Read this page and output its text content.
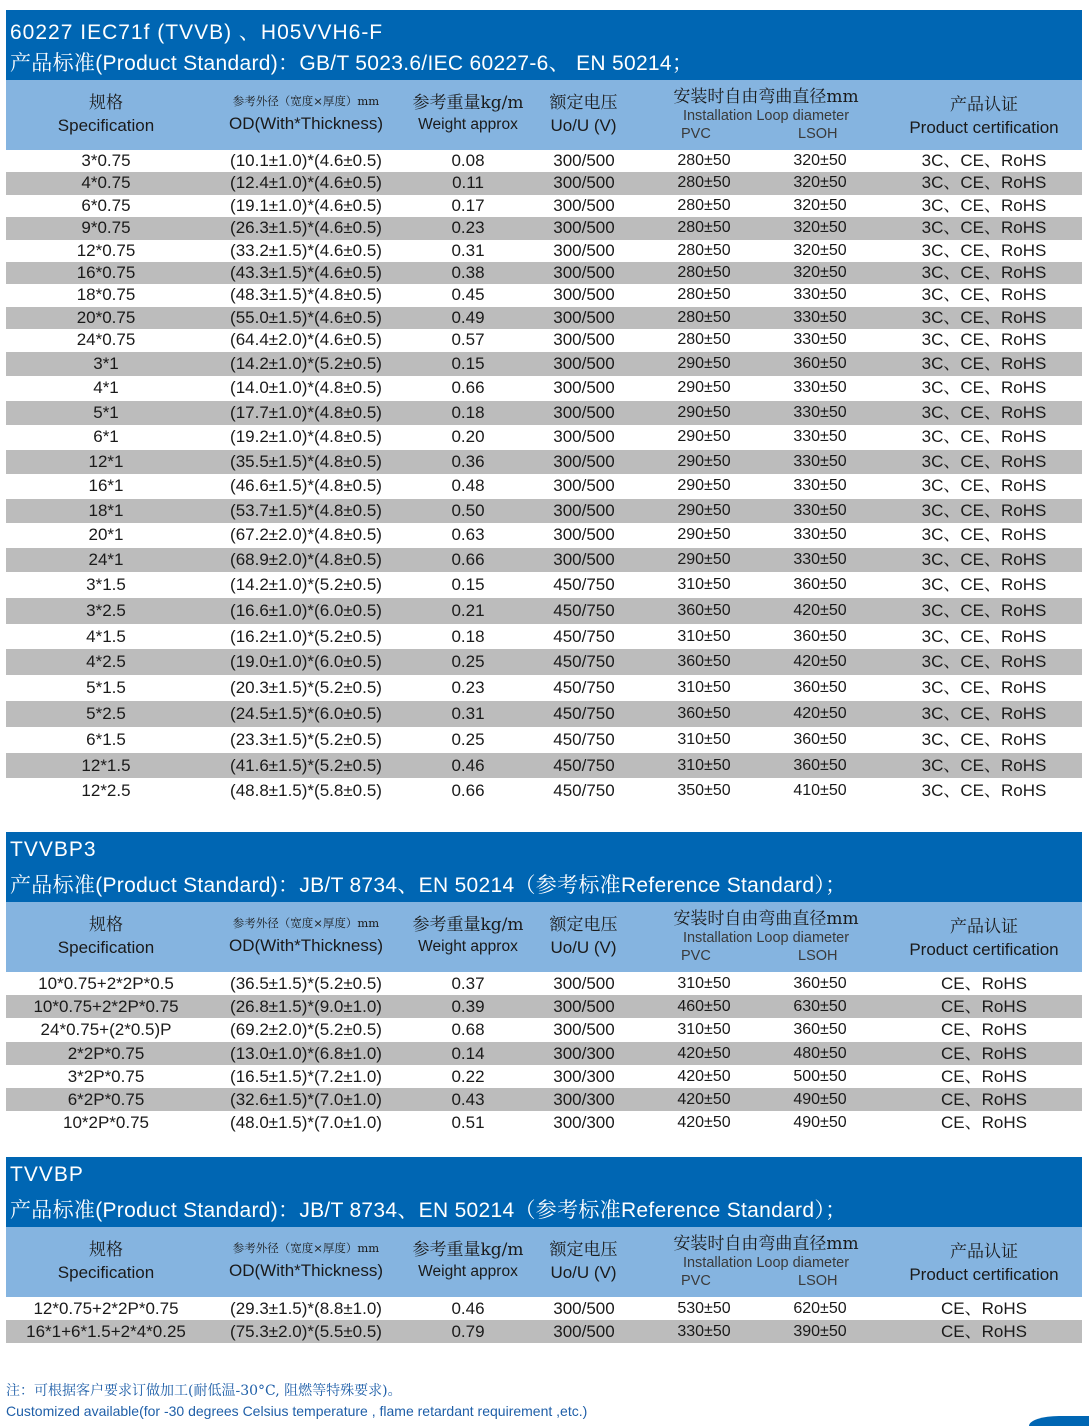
60227 IEC71f (TVVB) 、H05VVH6-F
产品标准(Product Standard)：GB/T 5023.6/IEC 60227-6、 EN 50214；
规格
Specification
参考外径（宽度×厚度）mm
OD(With*Thickness)
参考重量kg/m
Weight approx
额定电压
Uo/U (V)
安装时自由弯曲直径mm
Installation Loop diameter
PVC	LSOH
产品认证
Product certification
3*0.75	(10.1±1.0)*(4.6±0.5)	0.08	300/500	280±50	320±50	3C、CE、RoHS
4*0.75	(12.4±1.0)*(4.6±0.5)	0.11	300/500	280±50	320±50	3C、CE、RoHS
6*0.75	(19.1±1.0)*(4.6±0.5)	0.17	300/500	280±50	320±50	3C、CE、RoHS
9*0.75	(26.3±1.5)*(4.6±0.5)	0.23	300/500	280±50	320±50	3C、CE、RoHS
12*0.75	(33.2±1.5)*(4.6±0.5)	0.31	300/500	280±50	320±50	3C、CE、RoHS
16*0.75	(43.3±1.5)*(4.6±0.5)	0.38	300/500	280±50	320±50	3C、CE、RoHS
18*0.75	(48.3±1.5)*(4.8±0.5)	0.45	300/500	280±50	330±50	3C、CE、RoHS
20*0.75	(55.0±1.5)*(4.6±0.5)	0.49	300/500	280±50	330±50	3C、CE、RoHS
24*0.75	(64.4±2.0)*(4.6±0.5)	0.57	300/500	280±50	330±50	3C、CE、RoHS
3*1	(14.2±1.0)*(5.2±0.5)	0.15	300/500	290±50	360±50	3C、CE、RoHS
4*1	(14.0±1.0)*(4.8±0.5)	0.66	300/500	290±50	330±50	3C、CE、RoHS
5*1	(17.7±1.0)*(4.8±0.5)	0.18	300/500	290±50	330±50	3C、CE、RoHS
6*1	(19.2±1.0)*(4.8±0.5)	0.20	300/500	290±50	330±50	3C、CE、RoHS
12*1	(35.5±1.5)*(4.8±0.5)	0.36	300/500	290±50	330±50	3C、CE、RoHS
16*1	(46.6±1.5)*(4.8±0.5)	0.48	300/500	290±50	330±50	3C、CE、RoHS
18*1	(53.7±1.5)*(4.8±0.5)	0.50	300/500	290±50	330±50	3C、CE、RoHS
20*1	(67.2±2.0)*(4.8±0.5)	0.63	300/500	290±50	330±50	3C、CE、RoHS
24*1	(68.9±2.0)*(4.8±0.5)	0.66	300/500	290±50	330±50	3C、CE、RoHS
3*1.5	(14.2±1.0)*(5.2±0.5)	0.15	450/750	310±50	360±50	3C、CE、RoHS
3*2.5	(16.6±1.0)*(6.0±0.5)	0.21	450/750	360±50	420±50	3C、CE、RoHS
4*1.5	(16.2±1.0)*(5.2±0.5)	0.18	450/750	310±50	360±50	3C、CE、RoHS
4*2.5	(19.0±1.0)*(6.0±0.5)	0.25	450/750	360±50	420±50	3C、CE、RoHS
5*1.5	(20.3±1.5)*(5.2±0.5)	0.23	450/750	310±50	360±50	3C、CE、RoHS
5*2.5	(24.5±1.5)*(6.0±0.5)	0.31	450/750	360±50	420±50	3C、CE、RoHS
6*1.5	(23.3±1.5)*(5.2±0.5)	0.25	450/750	310±50	360±50	3C、CE、RoHS
12*1.5	(41.6±1.5)*(5.2±0.5)	0.46	450/750	310±50	360±50	3C、CE、RoHS
12*2.5	(48.8±1.5)*(5.8±0.5)	0.66	450/750	350±50	410±50	3C、CE、RoHS
TVVBP3
产品标准(Product Standard)：JB/T 8734、EN 50214（参考标准Reference Standard）；
规格
Specification
参考外径（宽度×厚度）mm
OD(With*Thickness)
参考重量kg/m
Weight approx
额定电压
Uo/U (V)
安装时自由弯曲直径mm
Installation Loop diameter
PVC	LSOH
产品认证
Product certification
10*0.75+2*2P*0.5	(36.5±1.5)*(5.2±0.5)	0.37	300/500	310±50	360±50	CE、RoHS
10*0.75+2*2P*0.75	(26.8±1.5)*(9.0±1.0)	0.39	300/500	460±50	630±50	CE、RoHS
24*0.75+(2*0.5)P	(69.2±2.0)*(5.2±0.5)	0.68	300/500	310±50	360±50	CE、RoHS
2*2P*0.75	(13.0±1.0)*(6.8±1.0)	0.14	300/300	420±50	480±50	CE、RoHS
3*2P*0.75	(16.5±1.5)*(7.2±1.0)	0.22	300/300	420±50	500±50	CE、RoHS
6*2P*0.75	(32.6±1.5)*(7.0±1.0)	0.43	300/300	420±50	490±50	CE、RoHS
10*2P*0.75	(48.0±1.5)*(7.0±1.0)	0.51	300/300	420±50	490±50	CE、RoHS
TVVBP
产品标准(Product Standard)：JB/T 8734、EN 50214（参考标准Reference Standard）；
规格
Specification
参考外径（宽度×厚度）mm
OD(With*Thickness)
参考重量kg/m
Weight approx
额定电压
Uo/U (V)
安装时自由弯曲直径mm
Installation Loop diameter
PVC	LSOH
产品认证
Product certification
12*0.75+2*2P*0.75	(29.3±1.5)*(8.8±1.0)	0.46	300/500	530±50	620±50	CE、RoHS
16*1+6*1.5+2*4*0.25	(75.3±2.0)*(5.5±0.5)	0.79	300/500	330±50	390±50	CE、RoHS
注：可根据客户要求订做加工(耐低温-30°C, 阻燃等特殊要求)。
Customized available(for -30 degrees Celsius temperature , flame retardant requirement ,etc.)
